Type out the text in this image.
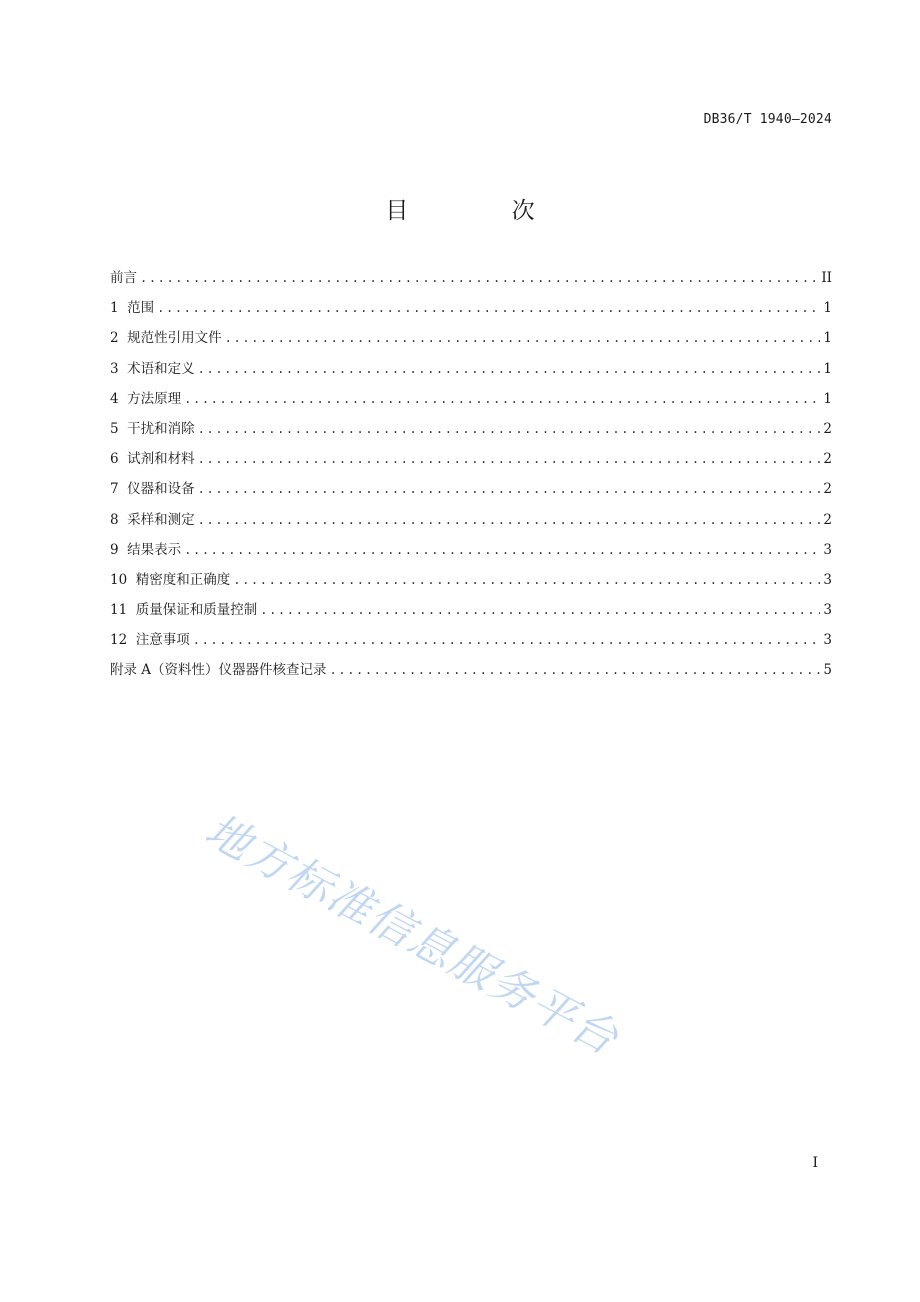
DB36/T 1940—2024
目 次
前言 .....	II
1  范围 .....	1
2  规范性引用文件 .....	1
3  术语和定义 .....	1
4  方法原理 .....	1
5  干扰和消除 .....	2
6  试剂和材料 .....	2
7  仪器和设备 .....	2
8  采样和测定 .....	2
9  结果表示 .....	3
10  精密度和正确度 .....	3
11  质量保证和质量控制 .....	3
12  注意事项 .....	3
附录 A（资料性）仪器器件核查记录 .....	5
地方标准信息服务平台
I
